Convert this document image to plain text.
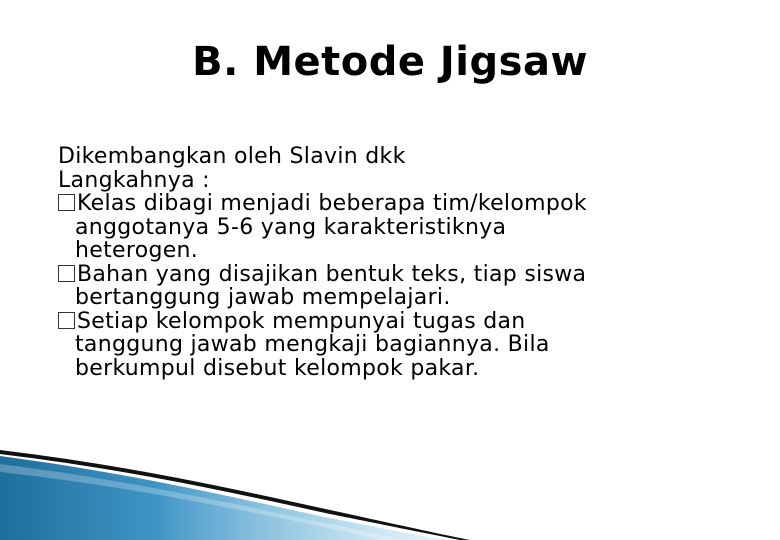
B. Metode Jigsaw
Dikembangkan oleh Slavin dkk
Langkahnya :
Kelas dibagi menjadi beberapa tim/kelompok
anggotanya 5-6 yang karakteristiknya
heterogen.
Bahan yang disajikan bentuk teks, tiap siswa
bertanggung jawab mempelajari.
Setiap kelompok mempunyai tugas dan
tanggung jawab mengkaji bagiannya. Bila
berkumpul disebut kelompok pakar.
